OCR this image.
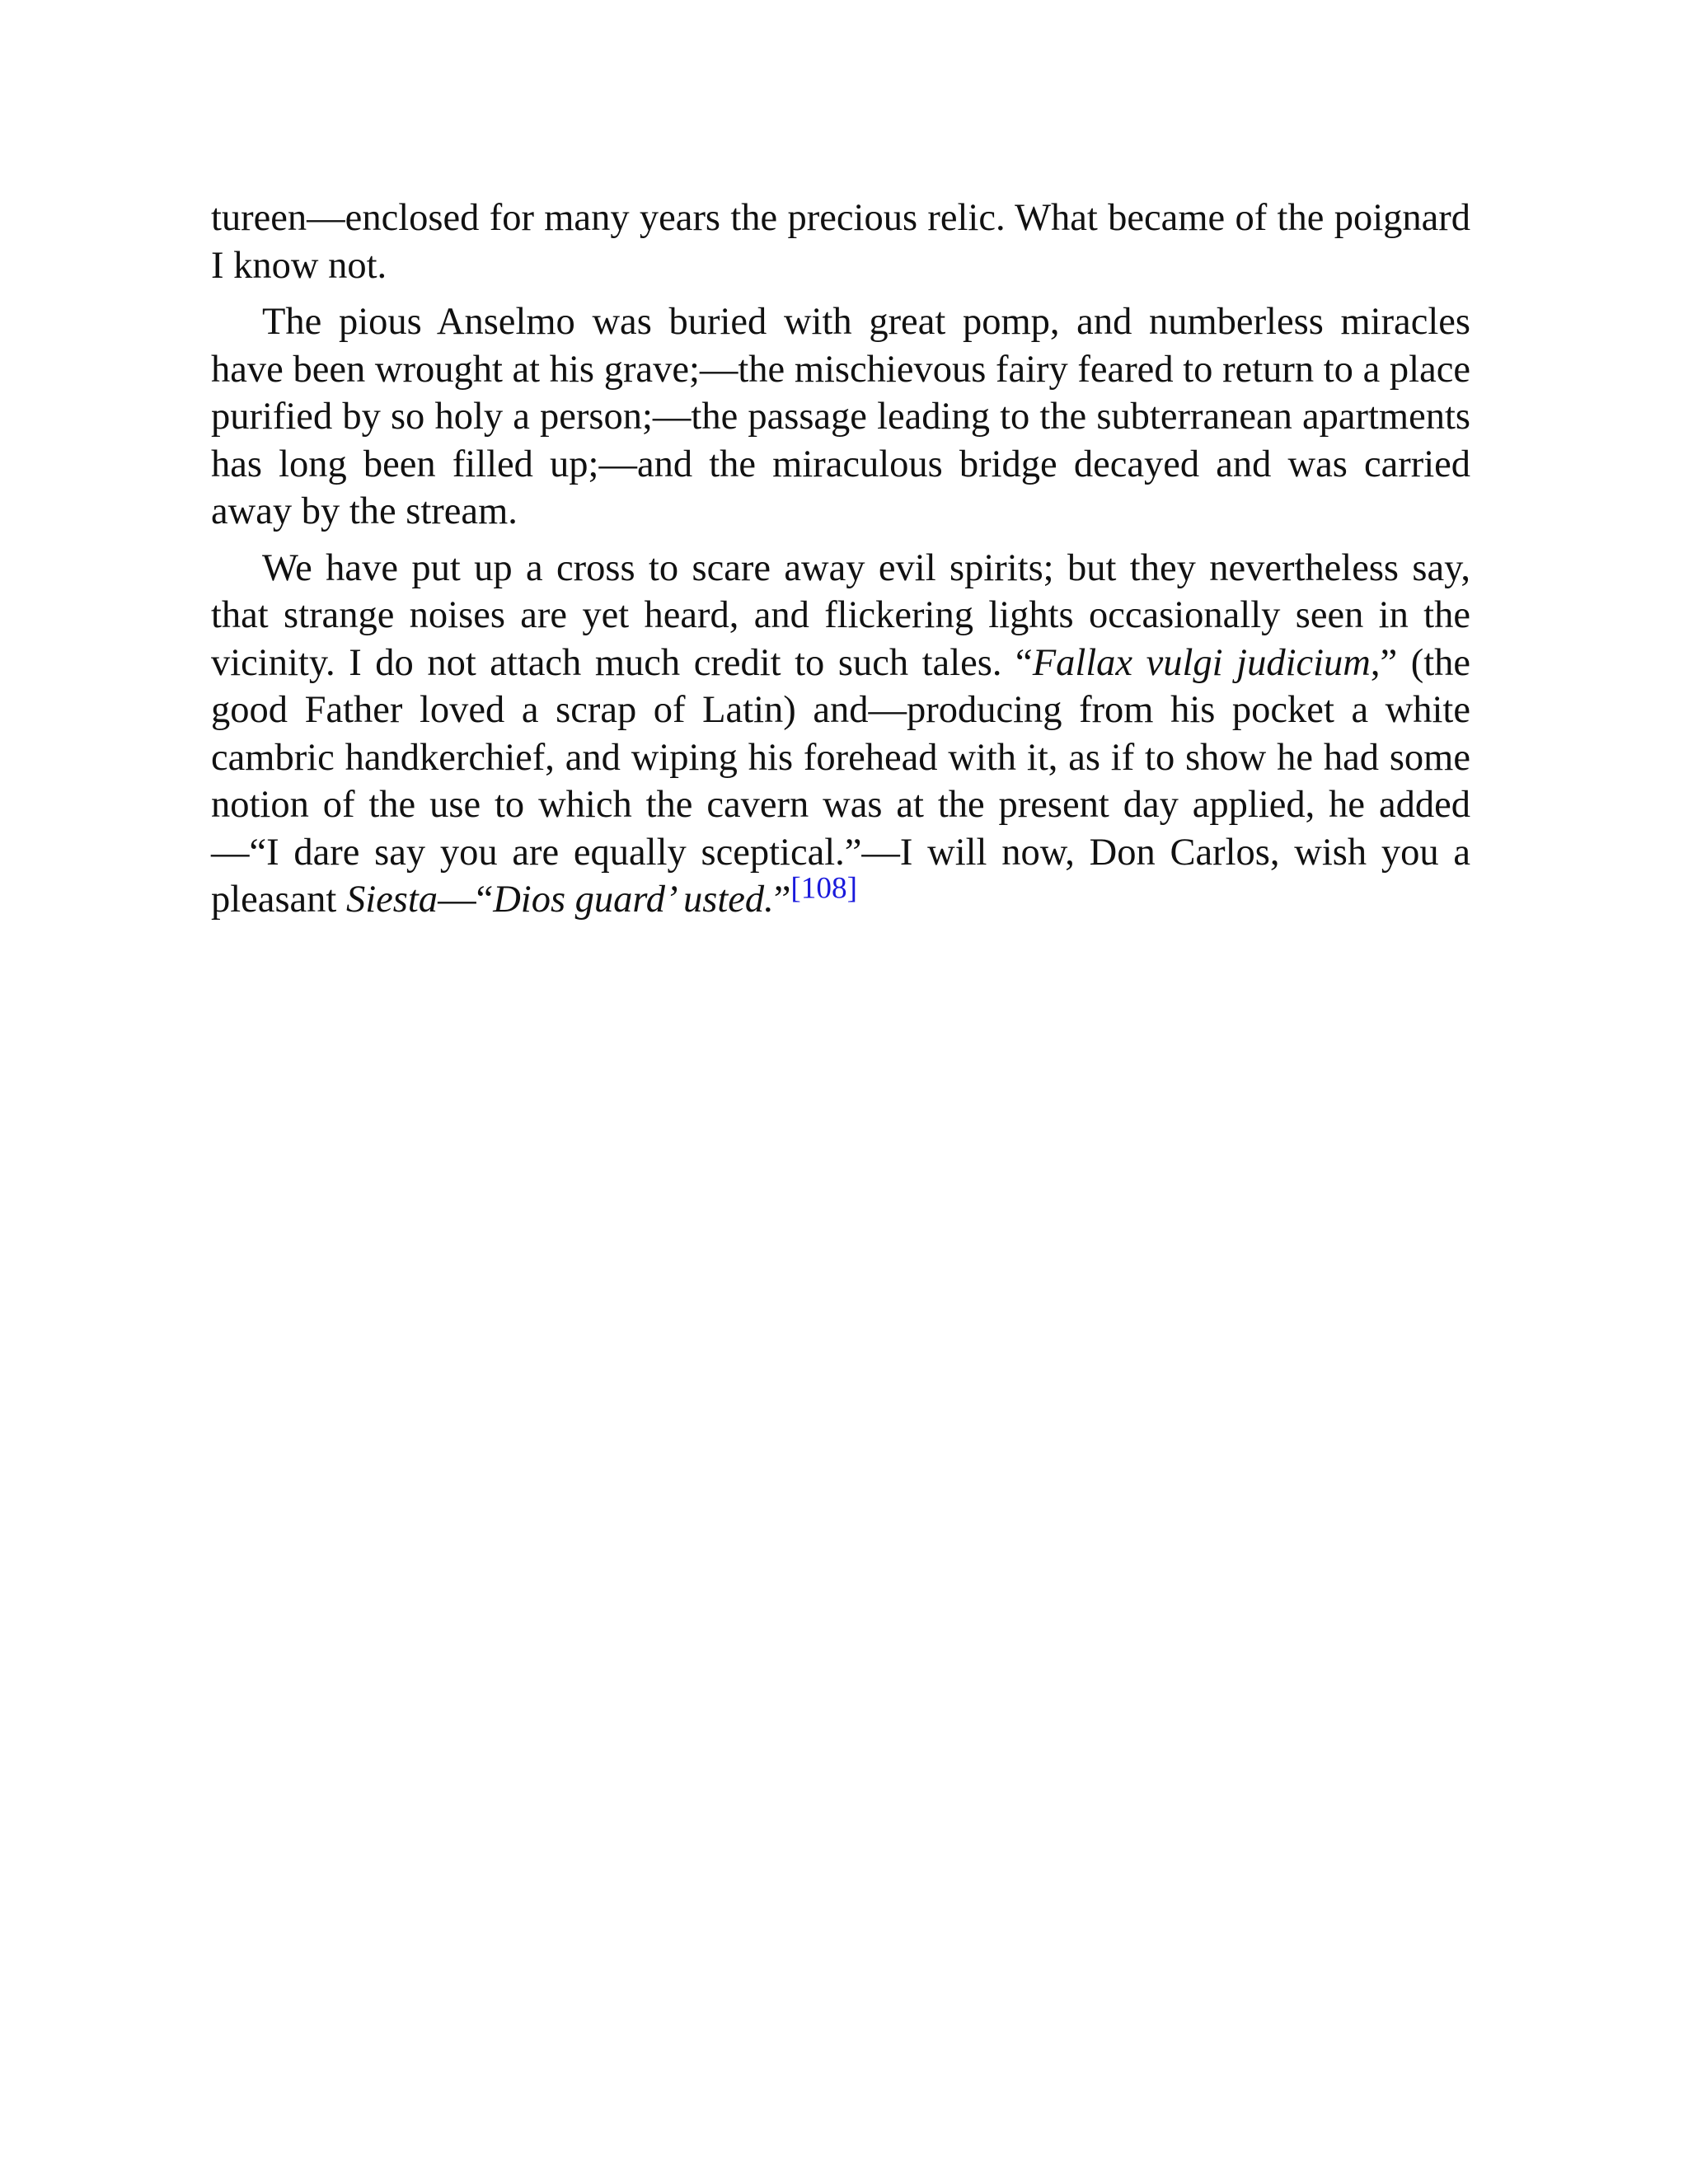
tureen—enclosed for many years the precious relic. What became of the poignard I know not.

The pious Anselmo was buried with great pomp, and numberless miracles have been wrought at his grave;—the mischievous fairy feared to return to a place purified by so holy a person;—the passage leading to the subterranean apartments has long been filled up;—and the miraculous bridge decayed and was carried away by the stream.

We have put up a cross to scare away evil spirits; but they nevertheless say, that strange noises are yet heard, and flickering lights occasionally seen in the vicinity. I do not attach much credit to such tales. “Fallax vulgi judicium,” (the good Father loved a scrap of Latin) and—producing from his pocket a white cambric handkerchief, and wiping his forehead with it, as if to show he had some notion of the use to which the cavern was at the present day applied, he added—“I dare say you are equally sceptical.”—I will now, Don Carlos, wish you a pleasant Siesta—“Dios guard’ usted.”[108]
